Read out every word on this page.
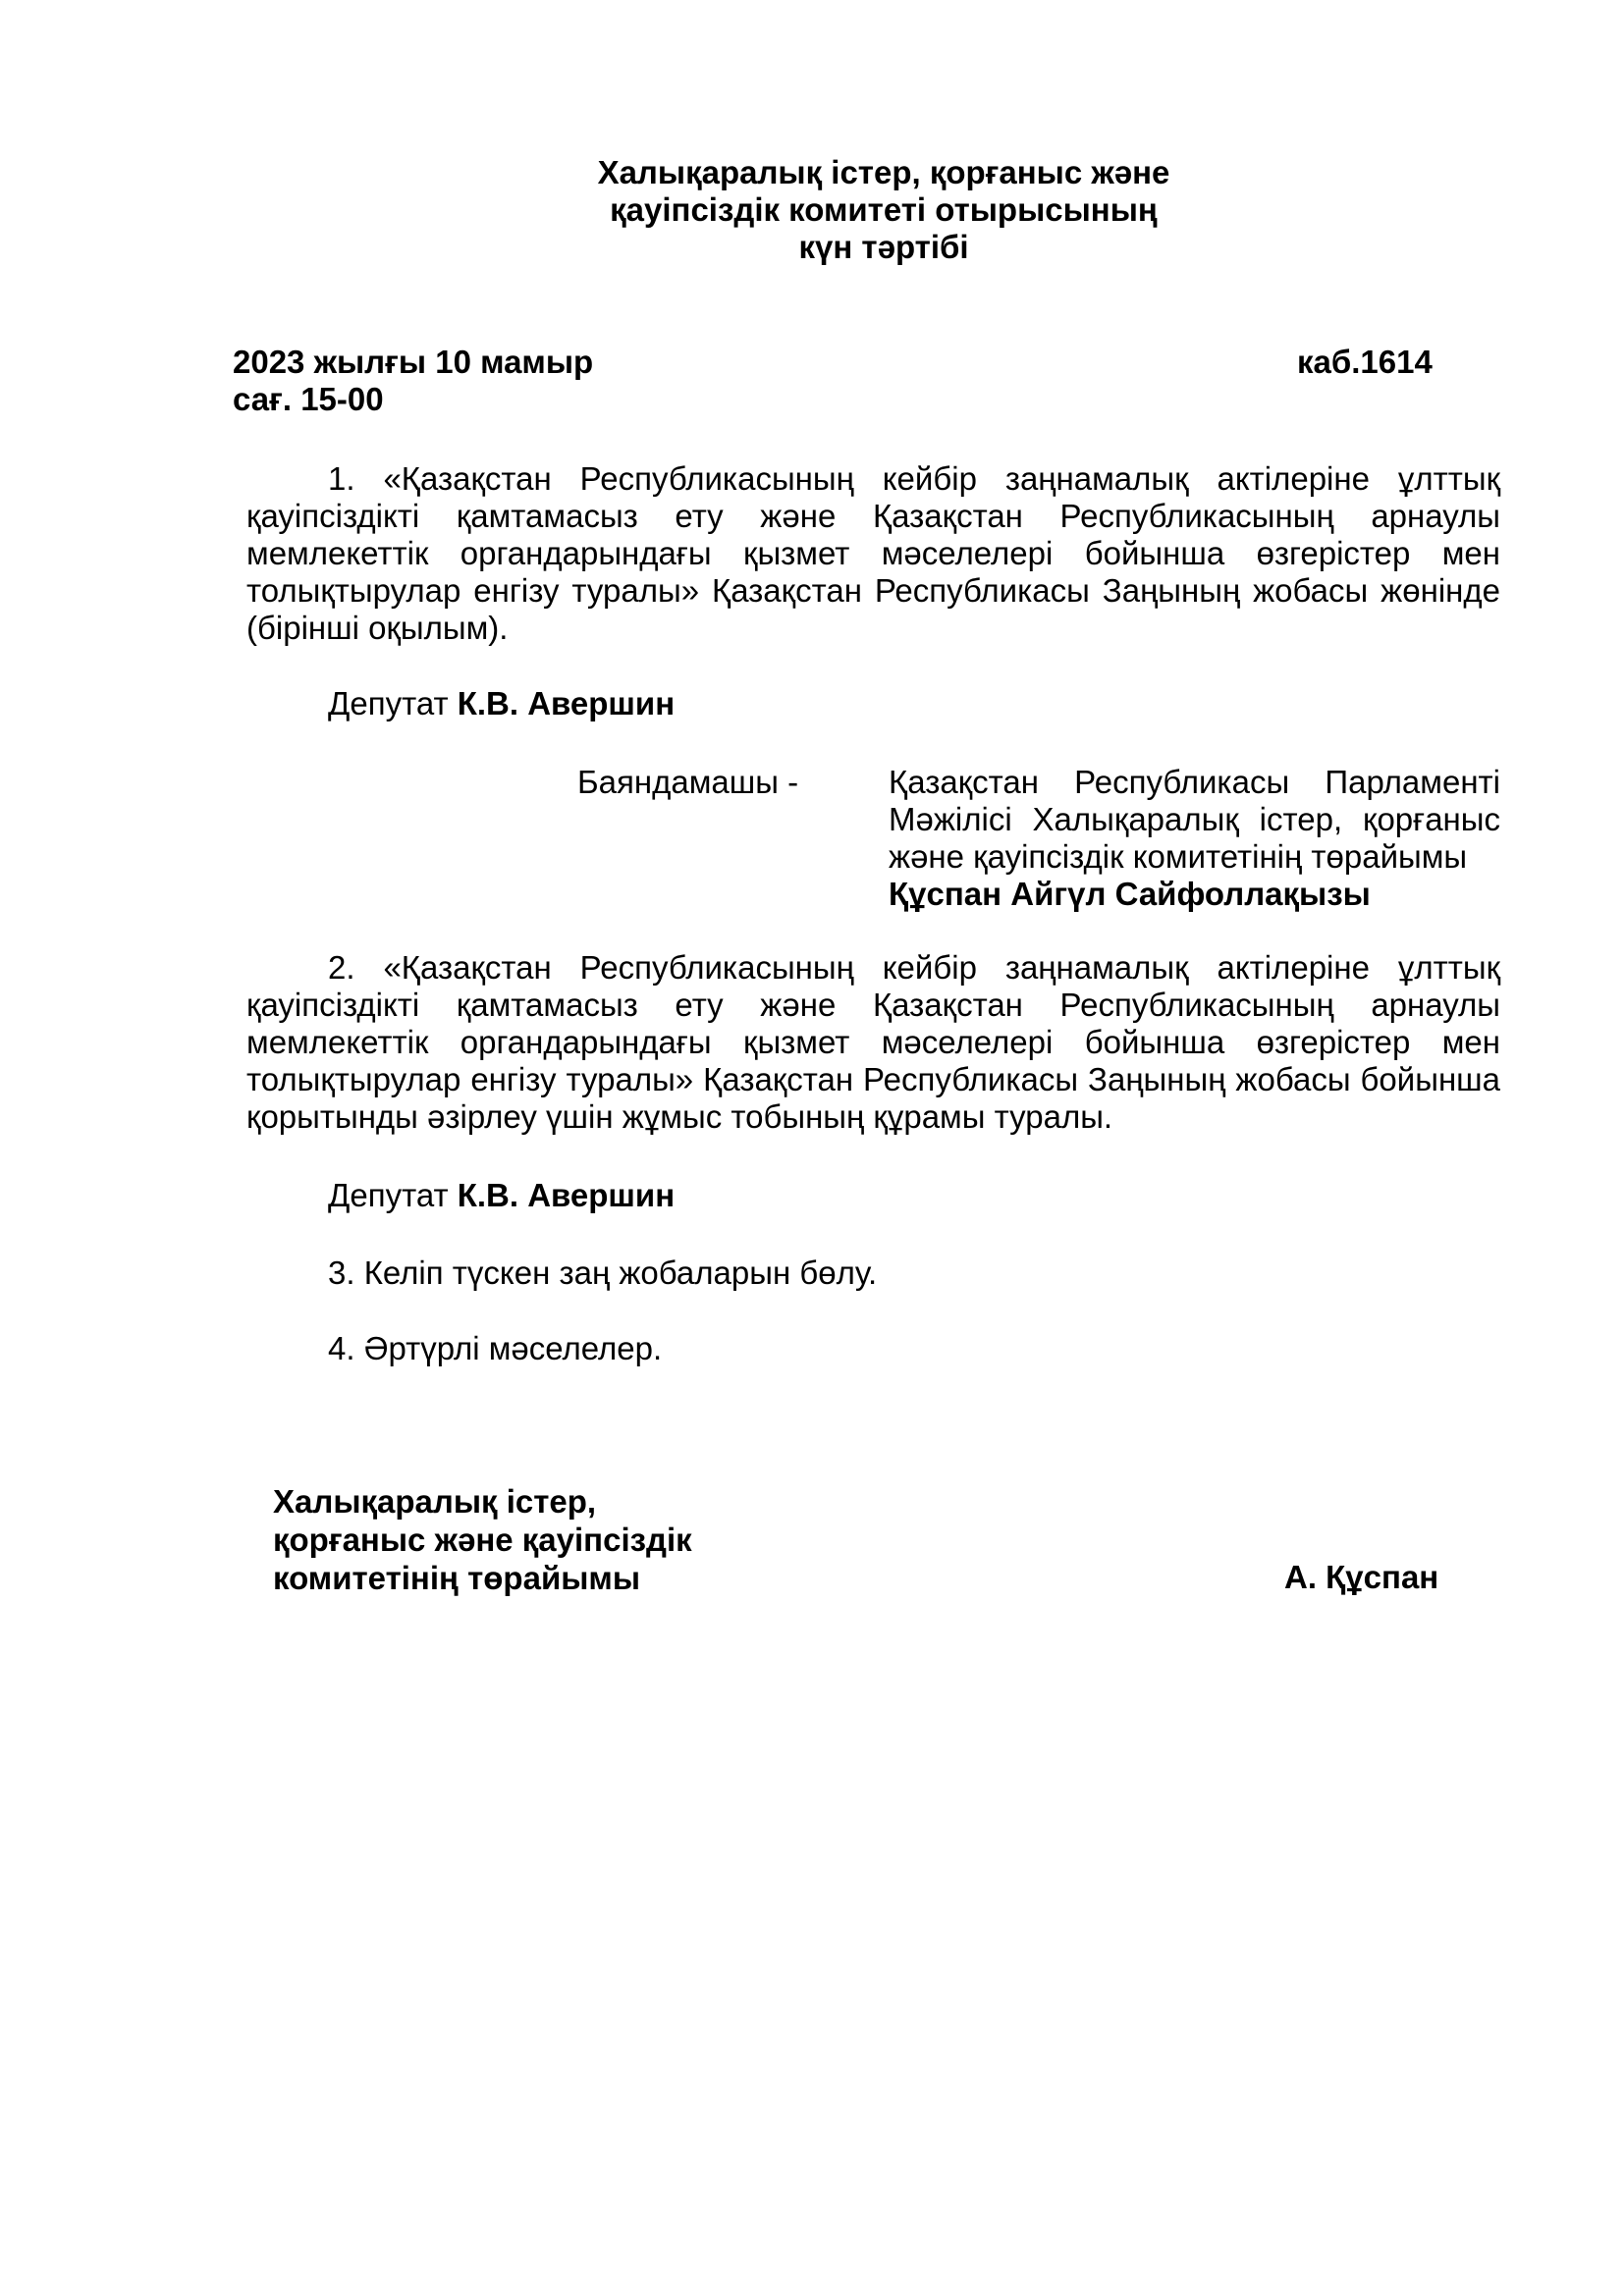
Халықаралық істер, қорғаныс және
қауіпсіздік комитеті отырысының
күн тәртібі
2023 жылғы 10 мамыр
сағ. 15-00
каб.1614
1. «Қазақстан Республикасының кейбір заңнамалық актілеріне ұлттық қауіпсіздікті қамтамасыз ету және Қазақстан Республикасының арнаулы мемлекеттік органдарындағы қызмет мәселелері бойынша өзгерістер мен толықтырулар енгізу туралы» Қазақстан Республикасы Заңының жобасы жөнінде (бірінші оқылым).
Депутат К.В. Авершин
Баяндамашы -	Қазақстан Республикасы Парламенті Мәжілісі Халықаралық істер, қорғаныс және қауіпсіздік комитетінің төрайымы
Құспан Айгүл Сайфоллақызы
2. «Қазақстан Республикасының кейбір заңнамалық актілеріне ұлттық қауіпсіздікті қамтамасыз ету және Қазақстан Республикасының арнаулы мемлекеттік органдарындағы қызмет мәселелері бойынша өзгерістер мен толықтырулар енгізу туралы» Қазақстан Республикасы Заңының жобасы бойынша қорытынды әзірлеу үшін жұмыс тобының құрамы туралы.
Депутат К.В. Авершин
3. Келіп түскен заң жобаларын бөлу.
4. Әртүрлі мәселелер.
Халықаралық істер,
қорғаныс және қауіпсіздік
комитетінің төрайымы	А. Құспан
